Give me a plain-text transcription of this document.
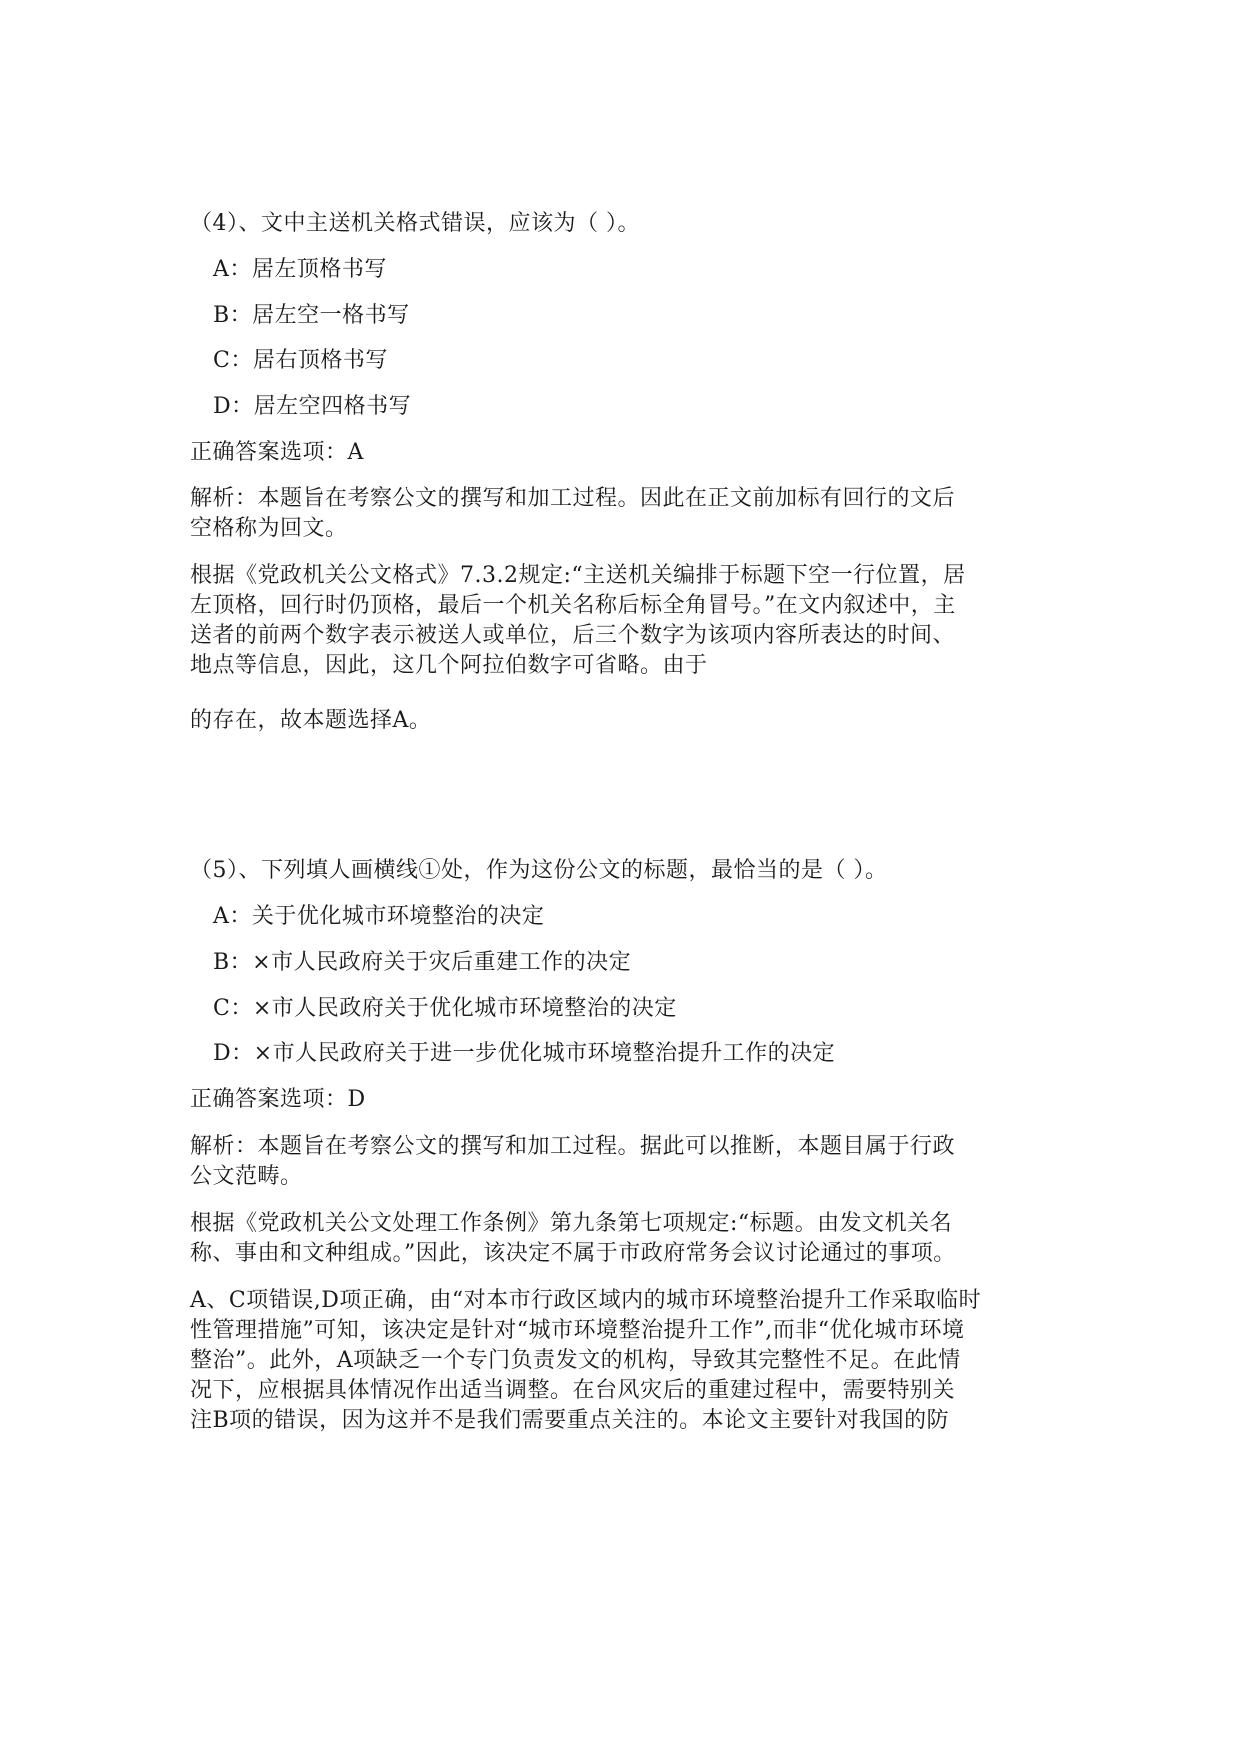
（4）、文中主送机关格式错误，应该为（ ）。
A：居左顶格书写
B：居左空一格书写
C：居右顶格书写
D：居左空四格书写
正确答案选项：A
解析：本题旨在考察公文的撰写和加工过程。因此在正文前加标有回行的文后
空格称为回文。
根据《党政机关公文格式》7.3.2规定:“主送机关编排于标题下空一行位置，居
左顶格，回行时仍顶格，最后一个机关名称后标全角冒号。”在文内叙述中，主
送者的前两个数字表示被送人或单位，后三个数字为该项内容所表达的时间、
地点等信息，因此，这几个阿拉伯数字可省略。由于
的存在，故本题选择A。
（5）、下列填人画横线①处，作为这份公文的标题，最恰当的是（ ）。
A：关于优化城市环境整治的决定
B：×市人民政府关于灾后重建工作的决定
C：×市人民政府关于优化城市环境整治的决定
D：×市人民政府关于进一步优化城市环境整治提升工作的决定
正确答案选项：D
解析：本题旨在考察公文的撰写和加工过程。据此可以推断，本题目属于行政
公文范畴。
根据《党政机关公文处理工作条例》第九条第七项规定:“标题。由发文机关名
称、事由和文种组成。”因此，该决定不属于市政府常务会议讨论通过的事项。
A、C项错误,D项正确，由“对本市行政区域内的城市环境整治提升工作采取临时
性管理措施”可知，该决定是针对“城市环境整治提升工作”,而非“优化城市环境
整治”。此外，A项缺乏一个专门负责发文的机构，导致其完整性不足。在此情
况下，应根据具体情况作出适当调整。在台风灾后的重建过程中，需要特别关
注B项的错误，因为这并不是我们需要重点关注的。本论文主要针对我国的防
